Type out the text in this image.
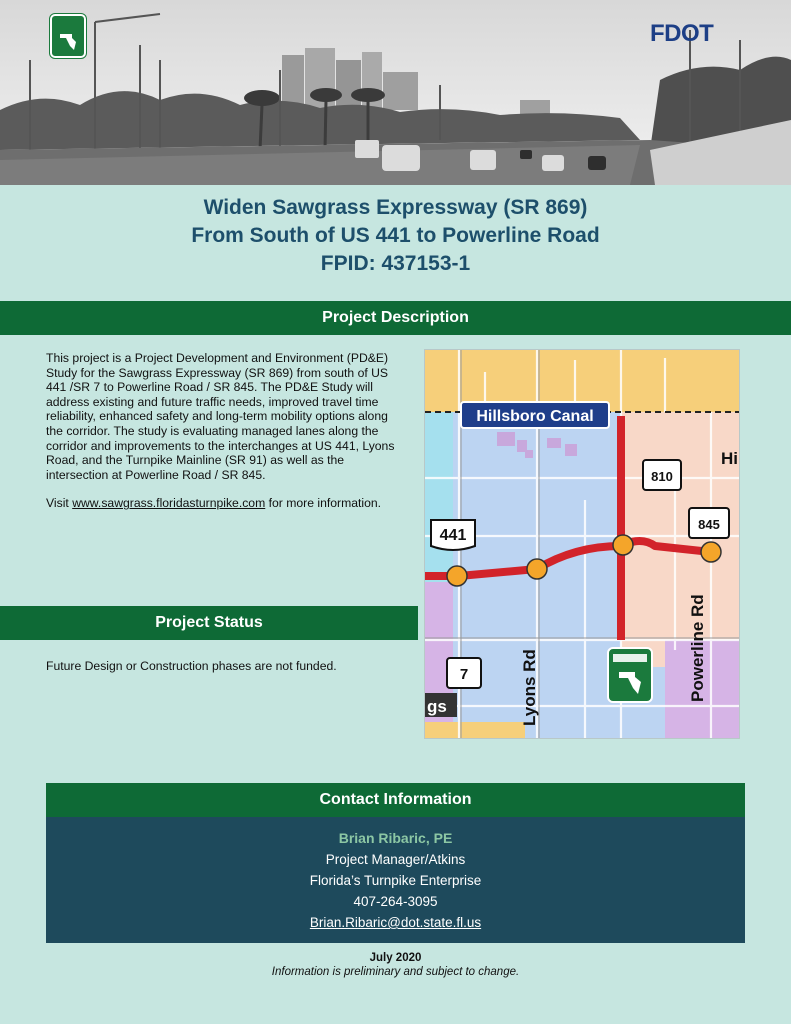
FDOT
Widen Sawgrass Expressway (SR 869)
From South of US 441 to Powerline Road
FPID: 437153-1
Project Description

This project is a Project Development and Environment (PD&E) Study for the Sawgrass Expressway (SR 869) from south of US 441 /SR 7 to Powerline Road / SR 845. The PD&E Study will address existing and future traffic needs, improved travel time reliability, enhanced safety and long-term mobility options along the corridor. The study is evaluating managed lanes along the corridor and improvements to the interchanges at US 441, Lyons Road, and the Turnpike Mainline (SR 91) as well as the intersection at Powerline Road / SR 845.

Visit www.sawgrass.floridasturnpike.com for more information.

Hillsboro Canal
810
845
441
7	Lyons Rd	Powerline Rd
Hi
gs
Project Status
Future Design or Construction phases are not funded.
Contact Information
Brian Ribaric, PE
Project Manager/Atkins
Florida’s Turnpike Enterprise
407-264-3095
Brian.Ribaric@dot.state.fl.us
July 2020
Information is preliminary and subject to change.
